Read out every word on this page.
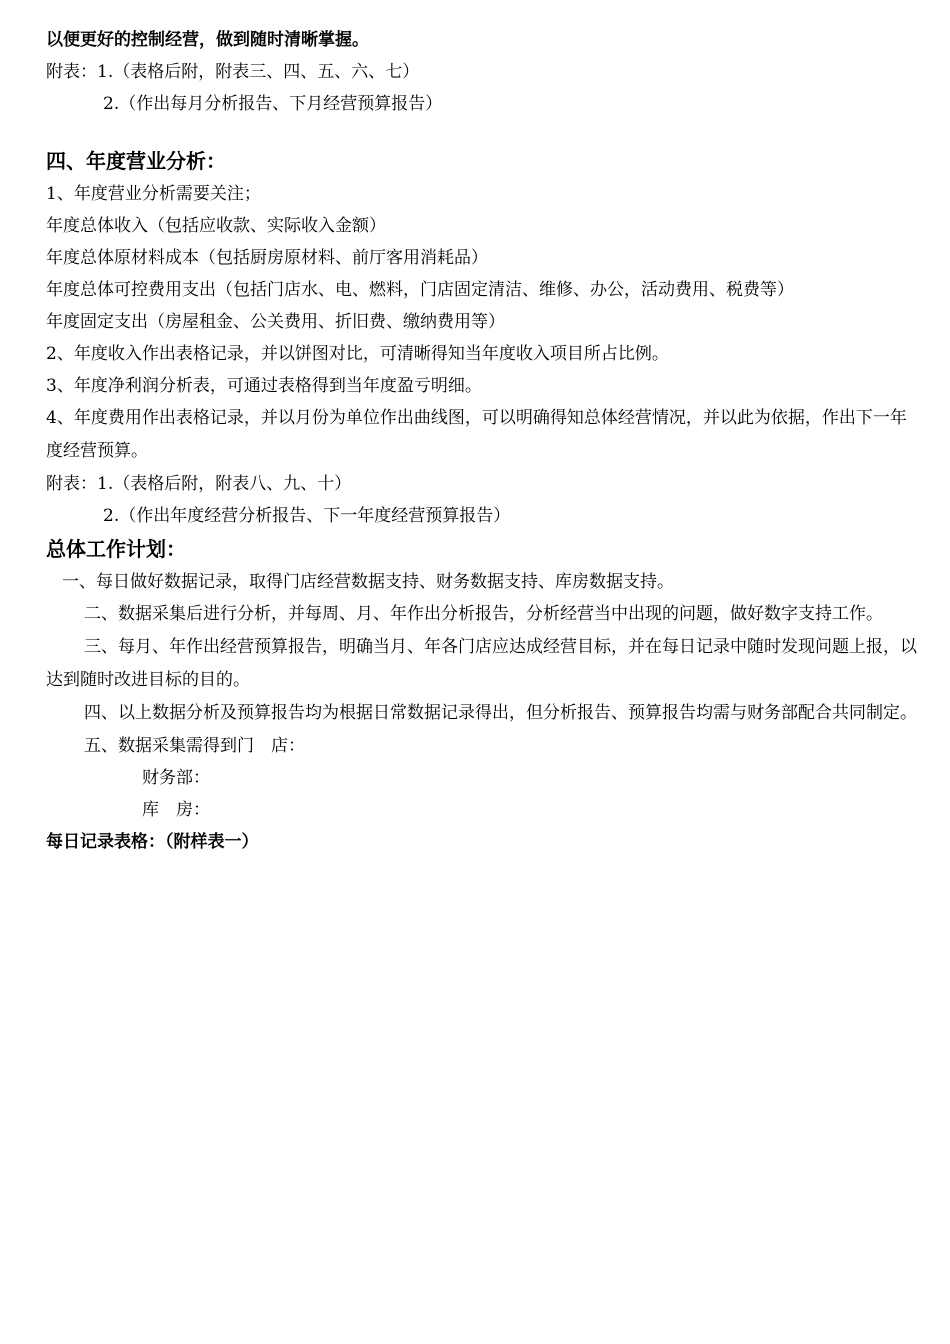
以便更好的控制经营，做到随时清晰掌握。
附表：1.（表格后附，附表三、四、五、六、七）
2.（作出每月分析报告、下月经营预算报告）
四、年度营业分析：
1、年度营业分析需要关注；
年度总体收入（包括应收款、实际收入金额）
年度总体原材料成本（包括厨房原材料、前厅客用消耗品）
年度总体可控费用支出（包括门店水、电、燃料，门店固定清洁、维修、办公，活动费用、税费等）
年度固定支出（房屋租金、公关费用、折旧费、缴纳费用等）
2、年度收入作出表格记录，并以饼图对比，可清晰得知当年度收入项目所占比例。
3、年度净利润分析表，可通过表格得到当年度盈亏明细。
4、年度费用作出表格记录，并以月份为单位作出曲线图，可以明确得知总体经营情况，并以此为依据，作出下一年度经营预算。
附表：1.（表格后附，附表八、九、十）
2.（作出年度经营分析报告、下一年度经营预算报告）
总体工作计划：
一、每日做好数据记录，取得门店经营数据支持、财务数据支持、库房数据支持。
二、数据采集后进行分析，并每周、月、年作出分析报告，分析经营当中出现的问题，做好数字支持工作。
三、每月、年作出经营预算报告，明确当月、年各门店应达成经营目标，并在每日记录中随时发现问题上报，以达到随时改进目标的目的。
四、以上数据分析及预算报告均为根据日常数据记录得出，但分析报告、预算报告均需与财务部配合共同制定。
五、数据采集需得到门　店：
财务部：
库　房：
每日记录表格：（附样表一）
